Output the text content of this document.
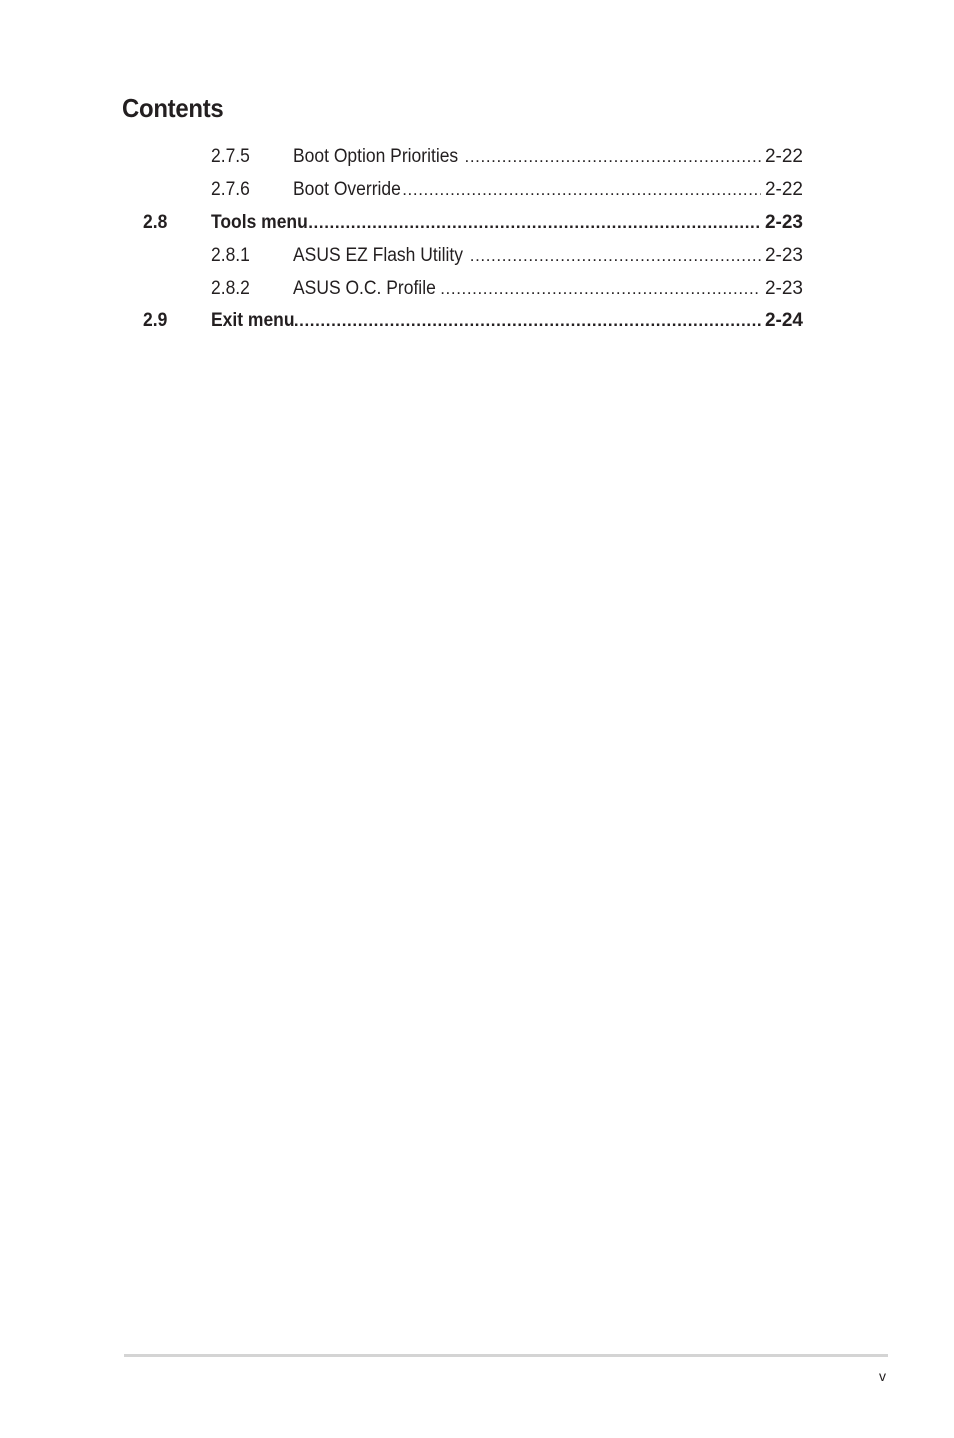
Contents
2.7.5 Boot Option Priorities .....	2-22
2.7.6 Boot Override .....	2-22
2.8 Tools menu .....	2-23
2.8.1 ASUS EZ Flash Utility .....	2-23
2.8.2 ASUS O.C. Profile .....	2-23
2.9 Exit menu .....	2-24
v
